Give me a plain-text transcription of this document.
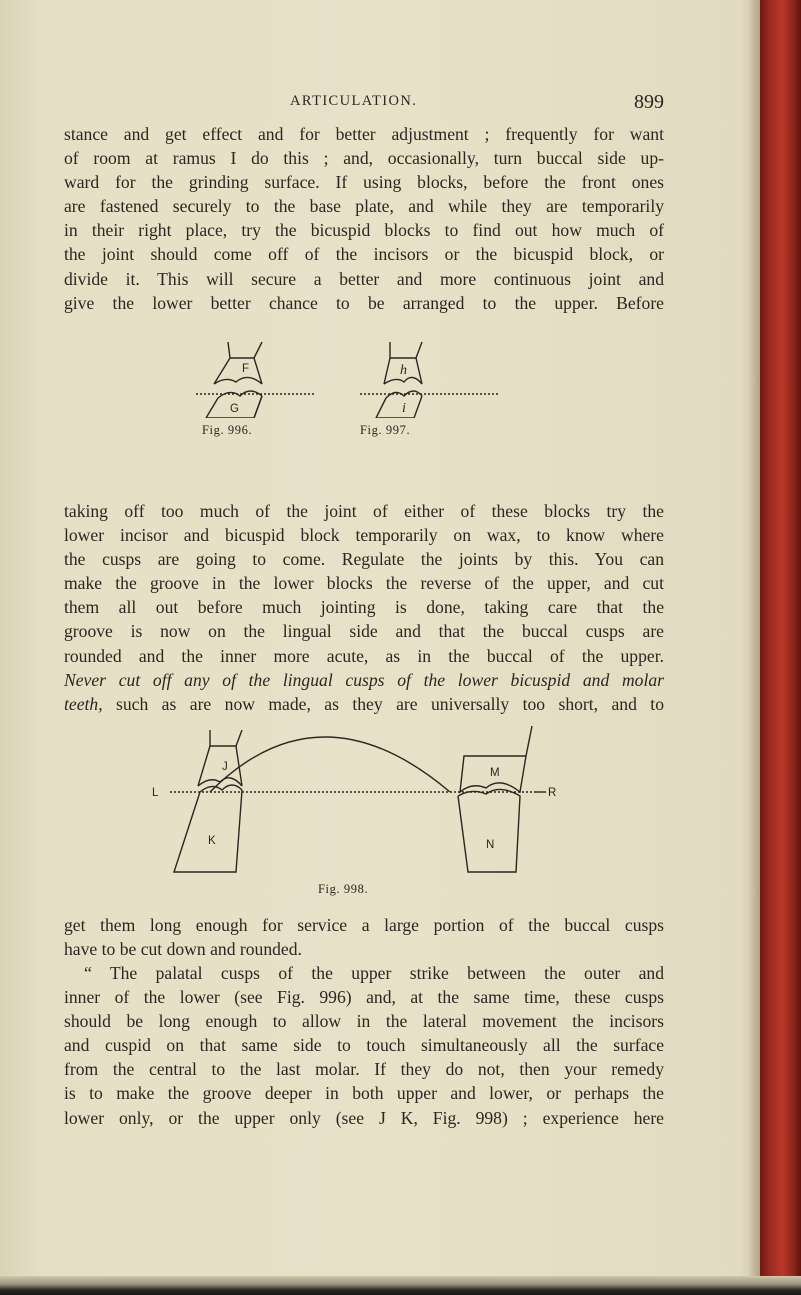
ARTICULATION.	899
stance and get effect and for better adjustment ; frequently for want
of room at ramus I do this ; and, occasionally, turn buccal side up-
ward for the grinding surface. If using blocks, before the front ones
are fastened securely to the base plate, and while they are temporarily
in their right place, try the bicuspid blocks to find out how much of
the joint should come off of the incisors or the bicuspid block, or
divide it. This will secure a better and more continuous joint and
give the lower better chance to be arranged to the upper. Before
F
G
Fig. 996.
h
i
Fig. 997.
taking off too much of the joint of either of these blocks try the
lower incisor and bicuspid block temporarily on wax, to know where
the cusps are going to come. Regulate the joints by this. You can
make the groove in the lower blocks the reverse of the upper, and cut
them all out before much jointing is done, taking care that the
groove is now on the lingual side and that the buccal cusps are
rounded and the inner more acute, as in the buccal of the upper.
Never cut off any of the lingual cusps of the lower bicuspid and molar
teeth, such as are now made, as they are universally too short, and to
J
K
M
N
L	R
Fig. 998.
get them long enough for service a large portion of the buccal cusps
have to be cut down and rounded.
“ The palatal cusps of the upper strike between the outer and
inner of the lower (see Fig. 996) and, at the same time, these cusps
should be long enough to allow in the lateral movement the incisors
and cuspid on that same side to touch simultaneously all the surface
from the central to the last molar. If they do not, then your remedy
is to make the groove deeper in both upper and lower, or perhaps the
lower only, or the upper only (see J K, Fig. 998) ; experience here
